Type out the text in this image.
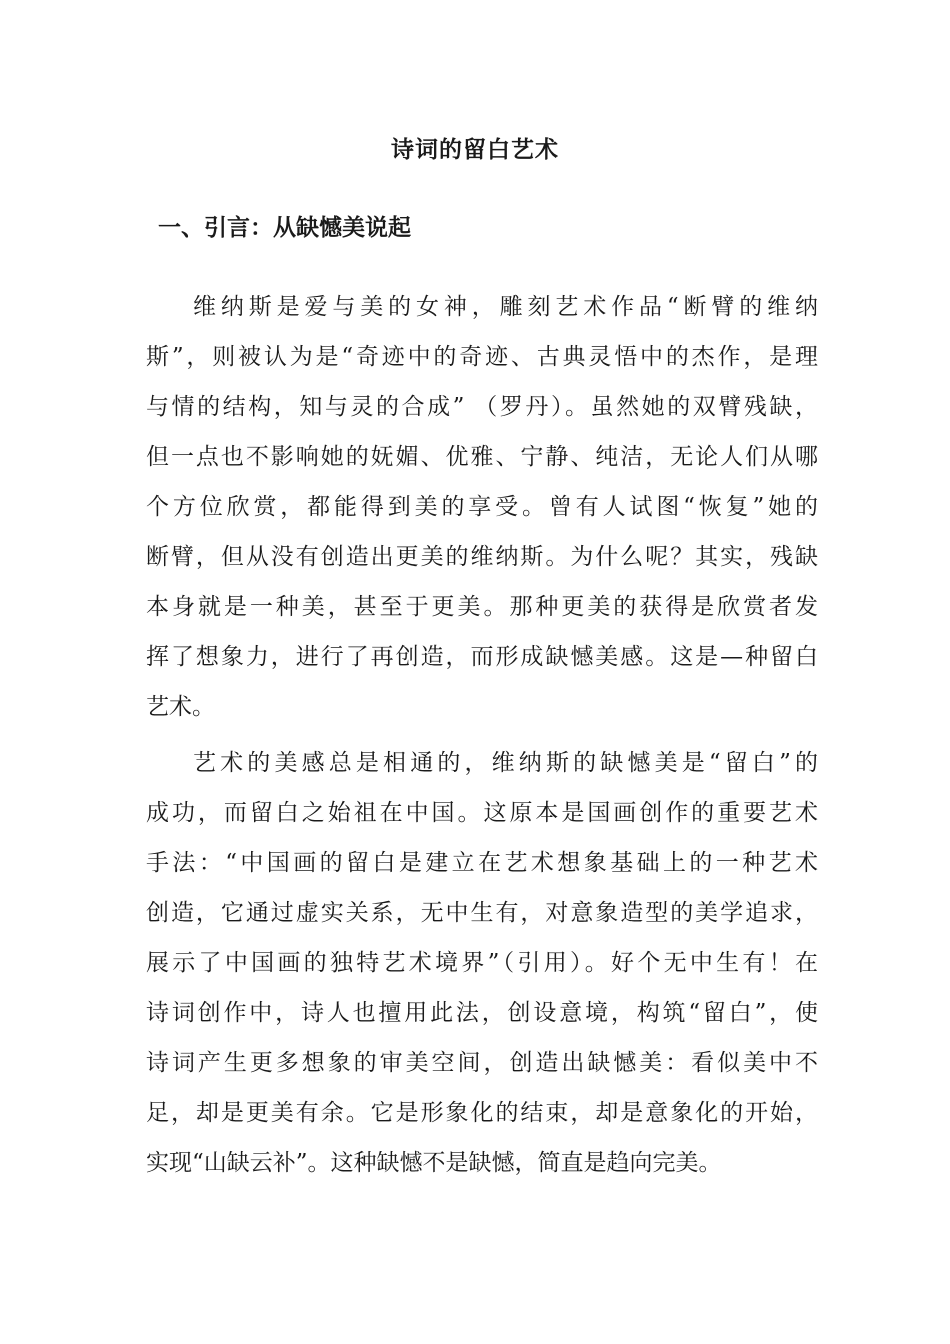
诗词的留白艺术
一、引言：从缺憾美说起
维纳斯是爱与美的女神，雕刻艺术作品“断臂的维纳
斯”，则被认为是“奇迹中的奇迹、古典灵悟中的杰作，是理
与情的结构，知与灵的合成” （罗丹）。虽然她的双臂残缺，
但一点也不影响她的妩媚、优雅、宁静、纯洁，无论人们从哪
个方位欣赏，都能得到美的享受。曾有人试图“恢复”她的
断臂，但从没有创造出更美的维纳斯。为什么呢？其实，残缺
本身就是一种美，甚至于更美。那种更美的获得是欣赏者发
挥了想象力，进行了再创造，而形成缺憾美感。这是—种留白
艺术。
艺术的美感总是相通的，维纳斯的缺憾美是“留白”的
成功，而留白之始祖在中国。这原本是国画创作的重要艺术
手法：“中国画的留白是建立在艺术想象基础上的一种艺术
创造，它通过虚实关系，无中生有，对意象造型的美学追求，
展示了中国画的独特艺术境界”（引用）。好个无中生有！在
诗词创作中，诗人也擅用此法，创设意境，构筑“留白”，使
诗词产生更多想象的审美空间，创造出缺憾美：看似美中不
足，却是更美有余。它是形象化的结束，却是意象化的开始，
实现“山缺云补”。这种缺憾不是缺憾，简直是趋向完美。
